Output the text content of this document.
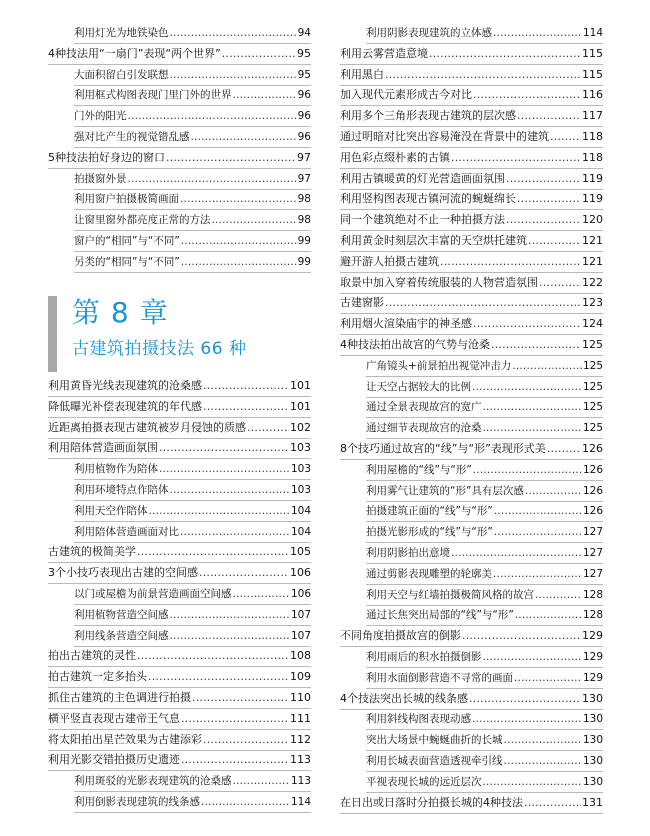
利用灯光为地铁染色 .....	94
4种技法用“一扇门”表现“两个世界” .....	95
大面积留白引发联想 .....	95
利用框式构图表现门里门外的世界 .....	96
门外的阳光 .....	96
强对比产生的视觉错乱感 .....	96
5种技法拍好身边的窗口 .....	97
拍摄窗外景 .....	97
利用窗户拍摄极简画面 .....	98
让窗里窗外都亮度正常的方法 .....	98
窗户的“相同”与“不同” .....	99
另类的“相同”与“不同” .....	99
第 8 章
古建筑拍摄技法 66 种
利用黄昏光线表现建筑的沧桑感 .....	101
降低曝光补偿表现建筑的年代感 .....	101
近距离拍摄表现古建筑被岁月侵蚀的质感 .....	102
利用陪体营造画面氛围 .....	103
利用植物作为陪体 .....	103
利用环境特点作陪体 .....	103
利用天空作陪体 .....	104
利用陪体营造画面对比 .....	104
古建筑的极简美学 .....	105
3个小技巧表现出古建的空间感 .....	106
以门或屋檐为前景营造画面空间感 .....	106
利用植物营造空间感 .....	107
利用线条营造空间感 .....	107
拍出古建筑的灵性 .....	108
拍古建筑一定多抬头 .....	109
抓住古建筑的主色调进行拍摄 .....	110
横平竖直表现古建帝王气息 .....	111
将太阳拍出星芒效果为古建添彩 .....	112
利用光影交错拍摄历史遗迹 .....	113
利用斑驳的光影表现建筑的沧桑感 .....	113
利用倒影表现建筑的线条感 .....	114
利用阴影表现建筑的立体感 .....	114
利用云雾营造意境 .....	115
利用黑白 .....	115
加入现代元素形成古今对比 .....	116
利用多个三角形表现古建筑的层次感 .....	117
通过明暗对比突出容易淹没在背景中的建筑 .....	118
用色彩点缀朴素的古镇 .....	118
利用古镇暖黄的灯光营造画面氛围 .....	119
利用竖构图表现古镇河流的蜿蜒绵长 .....	119
同一个建筑绝对不止一种拍摄方法 .....	120
利用黄金时刻层次丰富的天空烘托建筑 .....	121
避开游人拍摄古建筑 .....	121
取景中加入穿着传统服装的人物营造氛围 .....	122
古建窗影 .....	123
利用烟火渲染庙宇的神圣感 .....	124
4种技法拍出故宫的气势与沧桑 .....	125
广角镜头+前景拍出视觉冲击力 .....	125
让天空占据较大的比例 .....	125
通过全景表现故宫的宽广 .....	125
通过细节表现故宫的沧桑 .....	125
8个技巧通过故宫的“线”与“形”表现形式美 .....	126
利用屋檐的“线”与“形” .....	126
利用雾气让建筑的“形”具有层次感 .....	126
拍摄建筑正面的“线”与“形” .....	126
拍摄光影形成的“线”与“形” .....	127
利用阴影拍出意境 .....	127
通过剪影表现雕塑的轮廓美 .....	127
利用天空与红墙拍摄极简风格的故宫 .....	128
通过长焦突出局部的“线”与“形” .....	128
不同角度拍摄故宫的倒影 .....	129
利用雨后的积水拍摄倒影 .....	129
利用水面倒影营造不寻常的画面 .....	129
4个技法突出长城的线条感 .....	130
利用斜线构图表现动感 .....	130
突出大场景中蜿蜒曲折的长城 .....	130
利用长城表面营造透视牵引线 .....	130
平视表现长城的远近层次 .....	130
在日出或日落时分拍摄长城的4种技法 .....	131
